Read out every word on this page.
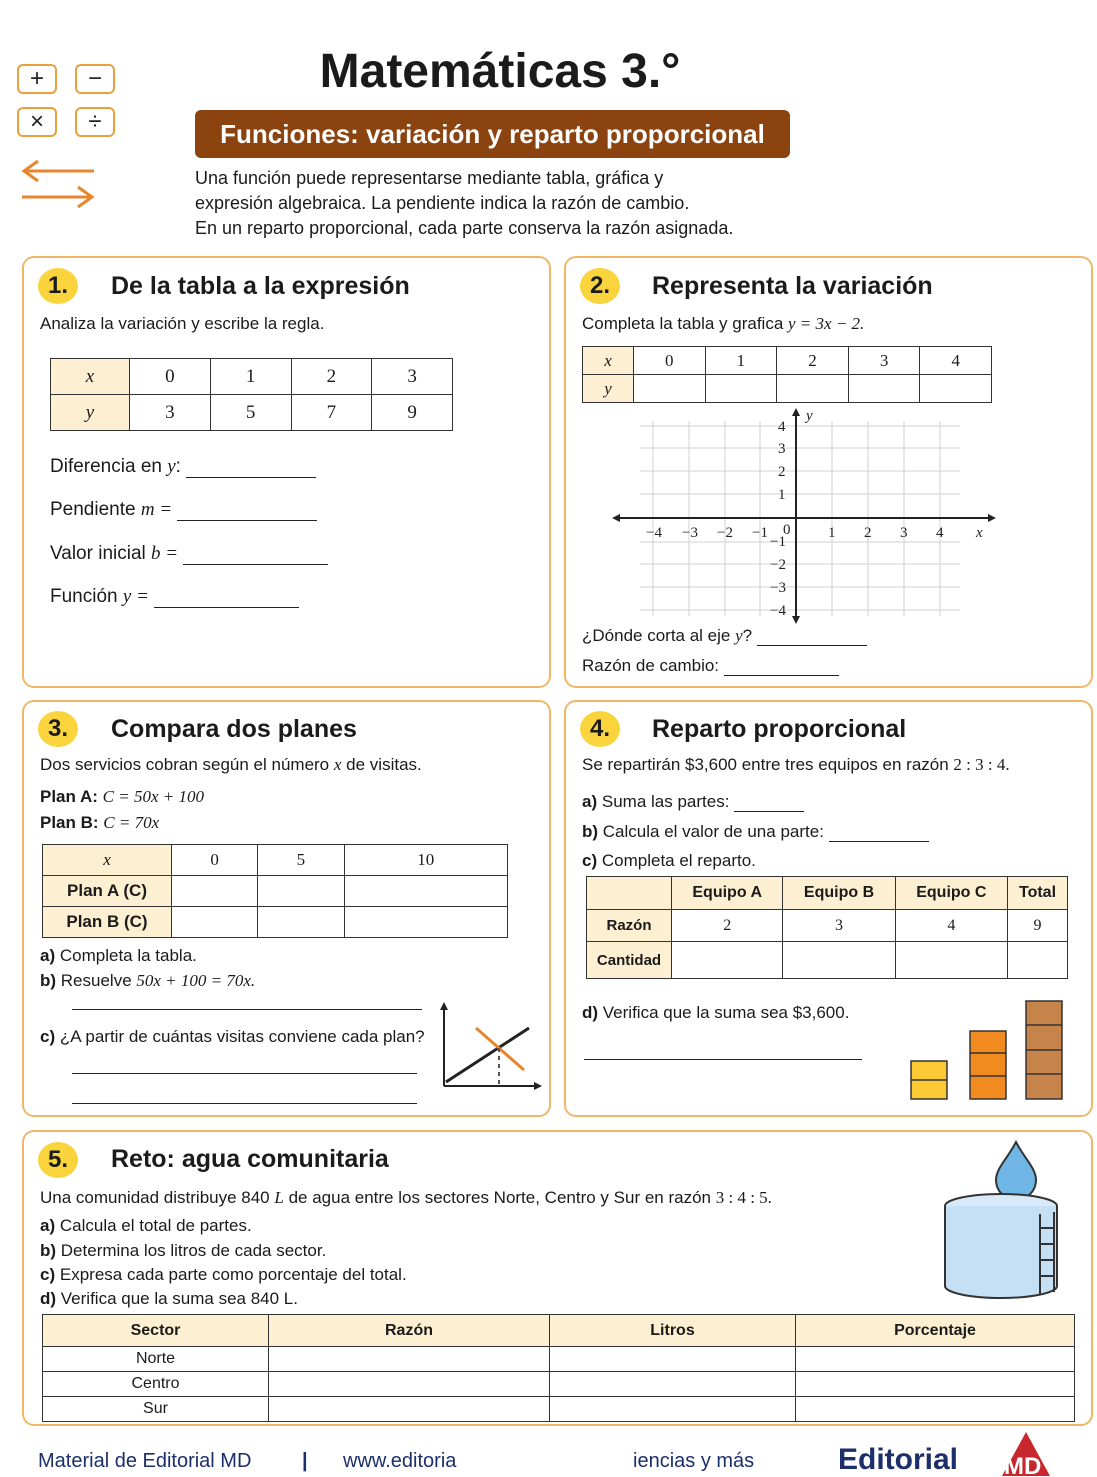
+ −
× ÷
Matemáticas 3.°
Funciones: variación y reparto proporcional
Una función puede representarse mediante tabla, gráfica y
expresión algebraica. La pendiente indica la razón de cambio.
En un reparto proporcional, cada parte conserva la razón asignada.
1.	De la tabla a la expresión
Analiza la variación y escribe la regla.
x	0	1	2	3
y	3	5	7	9
Diferencia en y:
Pendiente m =
Valor inicial b =
Función y =
2.	Representa la variación
Completa la tabla y grafica y = 3x − 2.
x	0	1	2	3	4
y					
−4 −3 −2 −1	1 2 3 4 x
4
3
2
1
−1
−2
−3
−4
0
y
¿Dónde corta al eje y?
Razón de cambio:
3.	Compara dos planes
Dos servicios cobran según el número x de visitas.
Plan A: C = 50x + 100
Plan B: C = 70x
x	0	5	10
Plan A (C)			
Plan B (C)			
a) Completa la tabla.
b) Resuelve 50x + 100 = 70x.
c) ¿A partir de cuántas visitas conviene cada plan?
4.	Reparto proporcional
Se repartirán $3,600 entre tres equipos en razón 2 : 3 : 4.
a) Suma las partes:
b) Calcula el valor de una parte:
c) Completa el reparto.
	Equipo A	Equipo B	Equipo C	Total
Razón	2	3	4	9
Cantidad				
d) Verifica que la suma sea $3,600.
5.	Reto: agua comunitaria
Una comunidad distribuye 840 L de agua entre los sectores Norte, Centro y Sur en razón 3 : 4 : 5.
a) Calcula el total de partes.
b) Determina los litros de cada sector.
c) Expresa cada parte como porcentaje del total.
d) Verifica que la suma sea 840 L.
Sector	Razón	Litros	Porcentaje
Norte			
Centro			
Sur			
Material de Editorial MD	| www.editoria	iencias y más	Editorial MD
